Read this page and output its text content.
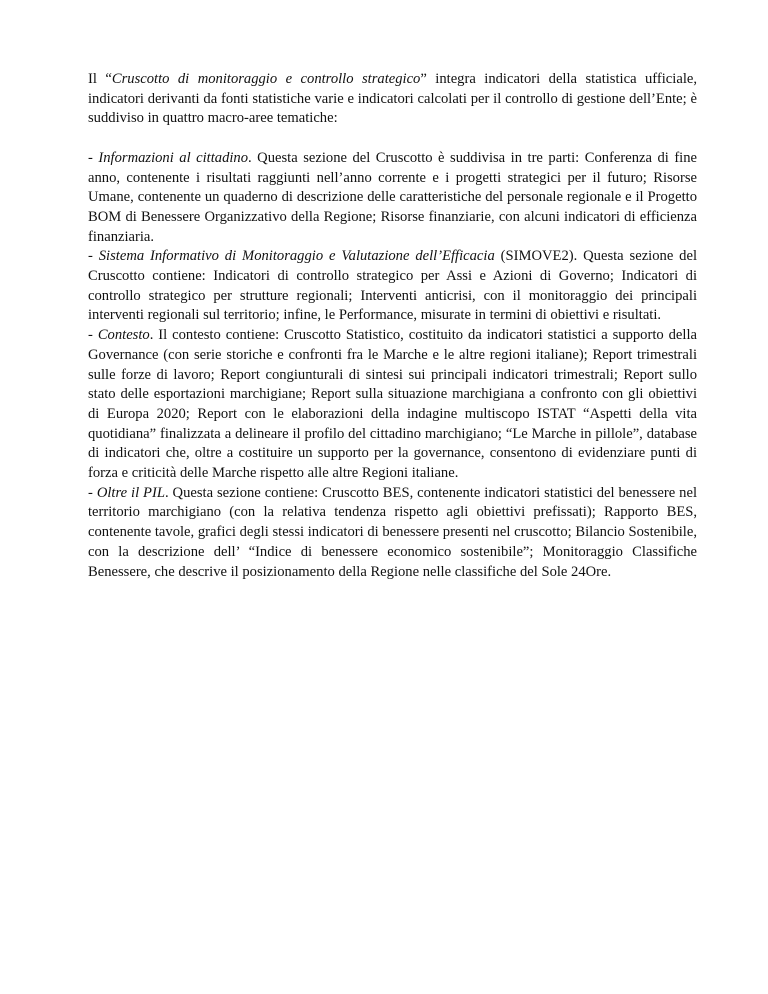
Il “Cruscotto di monitoraggio e controllo strategico” integra indicatori della statistica ufficiale, indicatori derivanti da fonti statistiche varie e indicatori calcolati per il controllo di gestione dell’Ente; è suddiviso in quattro macro-aree tematiche:

- Informazioni al cittadino. Questa sezione del Cruscotto è suddivisa in tre parti: Conferenza di fine anno, contenente i risultati raggiunti nell’anno corrente e i progetti strategici per il futuro; Risorse Umane, contenente un quaderno di descrizione delle caratteristiche del personale regionale e il Progetto BOM di Benessere Organizzativo della Regione; Risorse finanziarie, con alcuni indicatori di efficienza finanziaria.

- Sistema Informativo di Monitoraggio e Valutazione dell’Efficacia (SIMOVE2). Questa sezione del Cruscotto contiene: Indicatori di controllo strategico per Assi e Azioni di Governo; Indicatori di controllo strategico per strutture regionali; Interventi anticrisi, con il monitoraggio dei principali interventi regionali sul territorio; infine, le Performance, misurate in termini di obiettivi e risultati.

- Contesto. Il contesto contiene: Cruscotto Statistico, costituito da indicatori statistici a supporto della Governance (con serie storiche e confronti fra le Marche e le altre regioni italiane); Report trimestrali sulle forze di lavoro; Report congiunturali di sintesi sui principali indicatori trimestrali; Report sullo stato delle esportazioni marchigiane; Report sulla situazione marchigiana a confronto con gli obiettivi di Europa 2020; Report con le elaborazioni della indagine multiscopo ISTAT “Aspetti della vita quotidiana” finalizzata a delineare il profilo del cittadino marchigiano; “Le Marche in pillole”, database di indicatori che, oltre a costituire un supporto per la governance, consentono di evidenziare punti di forza e criticità delle Marche rispetto alle altre Regioni italiane.

- Oltre il PIL. Questa sezione contiene: Cruscotto BES, contenente indicatori statistici del benessere nel territorio marchigiano (con la relativa tendenza rispetto agli obiettivi prefissati); Rapporto BES, contenente tavole, grafici degli stessi indicatori di benessere presenti nel cruscotto; Bilancio Sostenibile, con la descrizione dell’ “Indice di benessere economico sostenibile”; Monitoraggio Classifiche Benessere, che descrive il posizionamento della Regione nelle classifiche del Sole 24Ore.
